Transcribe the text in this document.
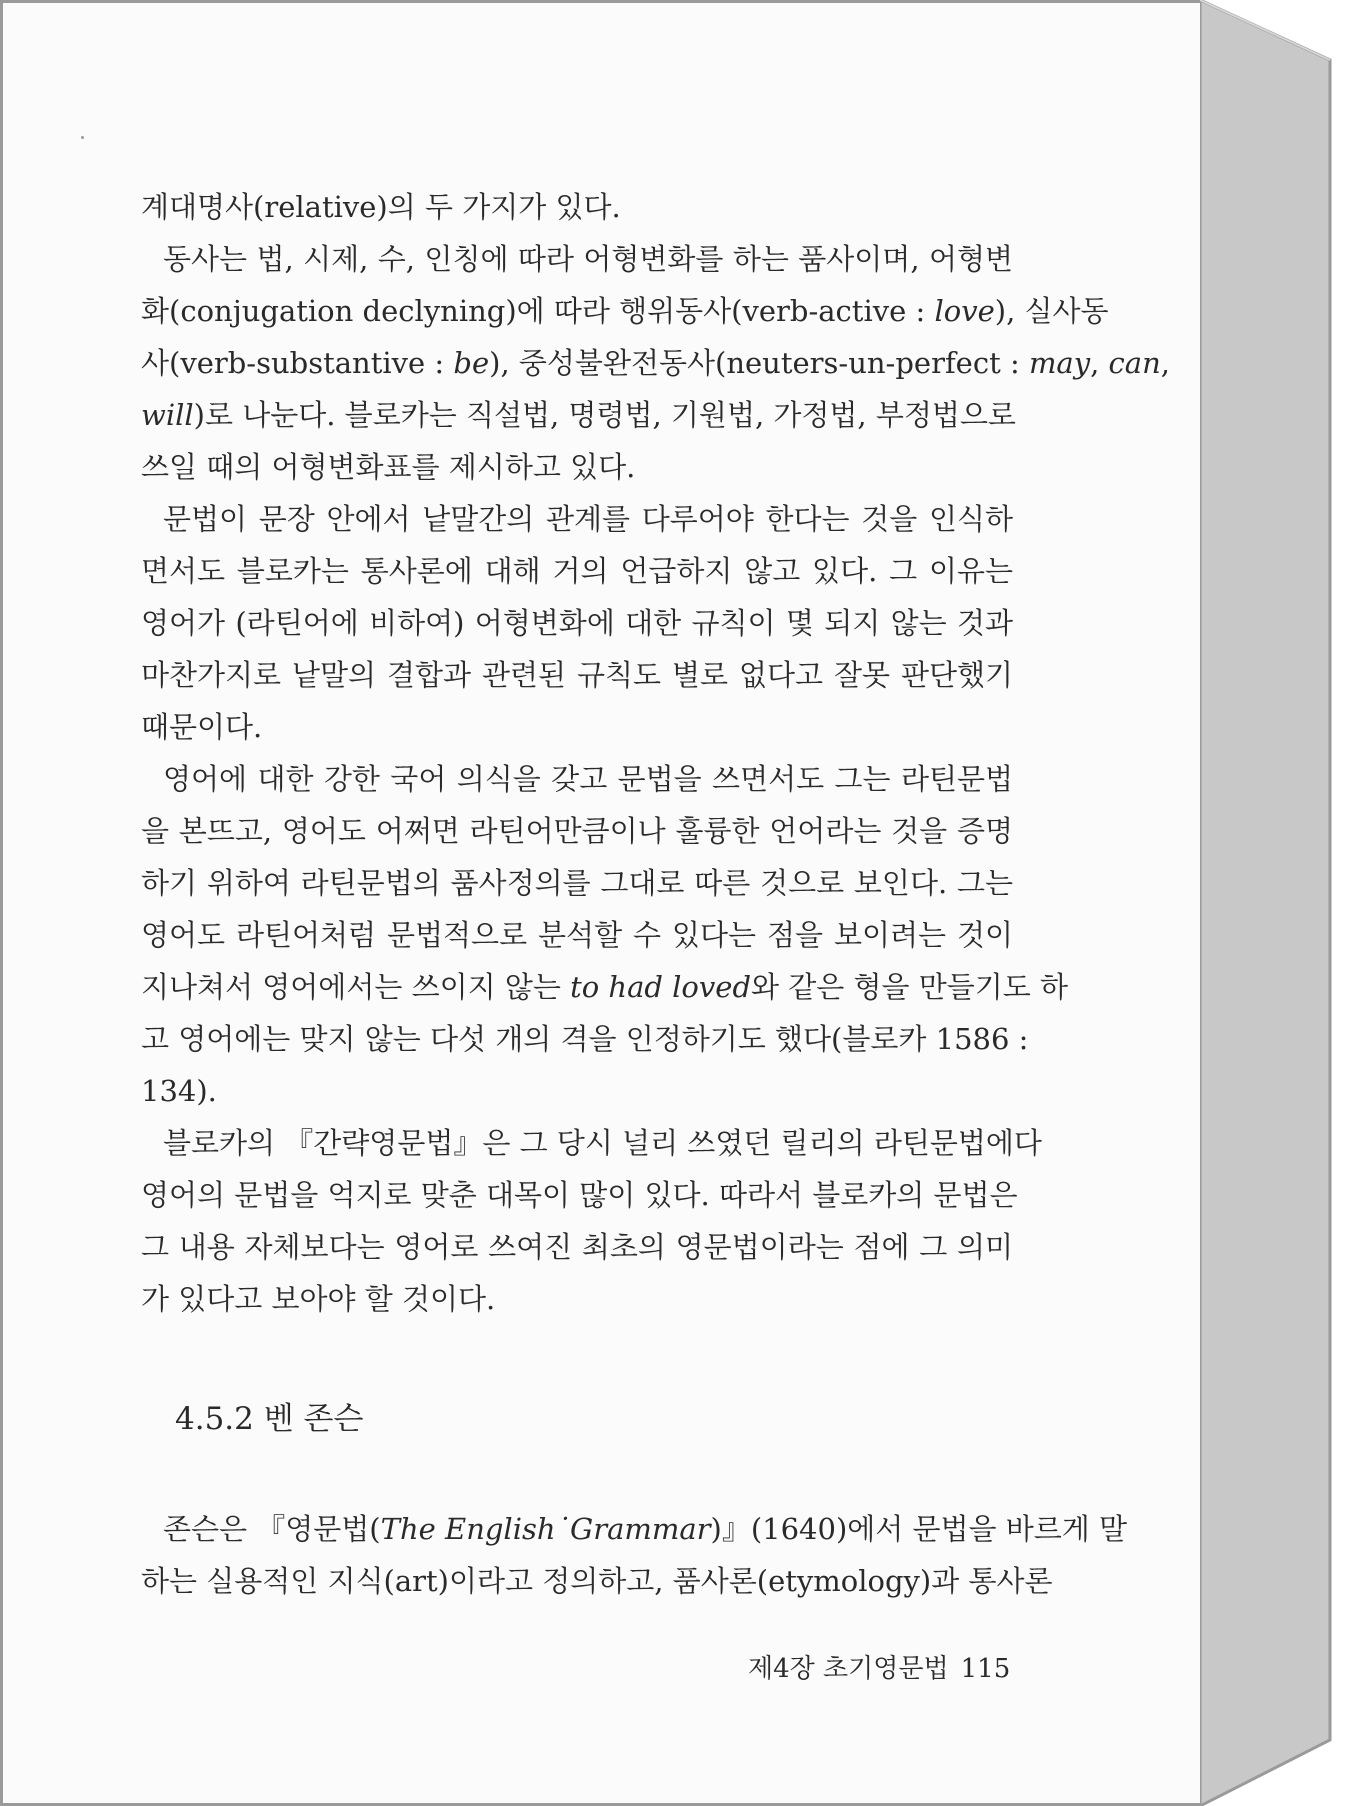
계대명사(relative)의 두 가지가 있다.

동사는 법, 시제, 수, 인칭에 따라 어형변화를 하는 품사이며, 어형변
화(conjugation declyning)에 따라 행위동사(verb-active : love), 실사동
사(verb-substantive : be), 중성불완전동사(neuters-un-perfect : may, can,
will)로 나눈다. 블로카는 직설법, 명령법, 기원법, 가정법, 부정법으로
쓰일 때의 어형변화표를 제시하고 있다.

문법이 문장 안에서 낱말간의 관계를 다루어야 한다는 것을 인식하
면서도 블로카는 통사론에 대해 거의 언급하지 않고 있다. 그 이유는
영어가 (라틴어에 비하여) 어형변화에 대한 규칙이 몇 되지 않는 것과
마찬가지로 낱말의 결합과 관련된 규칙도 별로 없다고 잘못 판단했기
때문이다.

영어에 대한 강한 국어 의식을 갖고 문법을 쓰면서도 그는 라틴문법
을 본뜨고, 영어도 어쩌면 라틴어만큼이나 훌륭한 언어라는 것을 증명
하기 위하여 라틴문법의 품사정의를 그대로 따른 것으로 보인다. 그는
영어도 라틴어처럼 문법적으로 분석할 수 있다는 점을 보이려는 것이
지나쳐서 영어에서는 쓰이지 않는 to had loved와 같은 형을 만들기도 하
고 영어에는 맞지 않는 다섯 개의 격을 인정하기도 했다(블로카 1586 :
134).

블로카의 『간략영문법』은 그 당시 널리 쓰였던 릴리의 라틴문법에다
영어의 문법을 억지로 맞춘 대목이 많이 있다. 따라서 블로카의 문법은
그 내용 자체보다는 영어로 쓰여진 최초의 영문법이라는 점에 그 의미
가 있다고 보아야 할 것이다.

4.5.2 벤 존슨

존슨은 『영문법(The English˙Grammar)』(1640)에서 문법을 바르게 말
하는 실용적인 지식(art)이라고 정의하고, 품사론(etymology)과 통사론

제4장 초기영문법 115
